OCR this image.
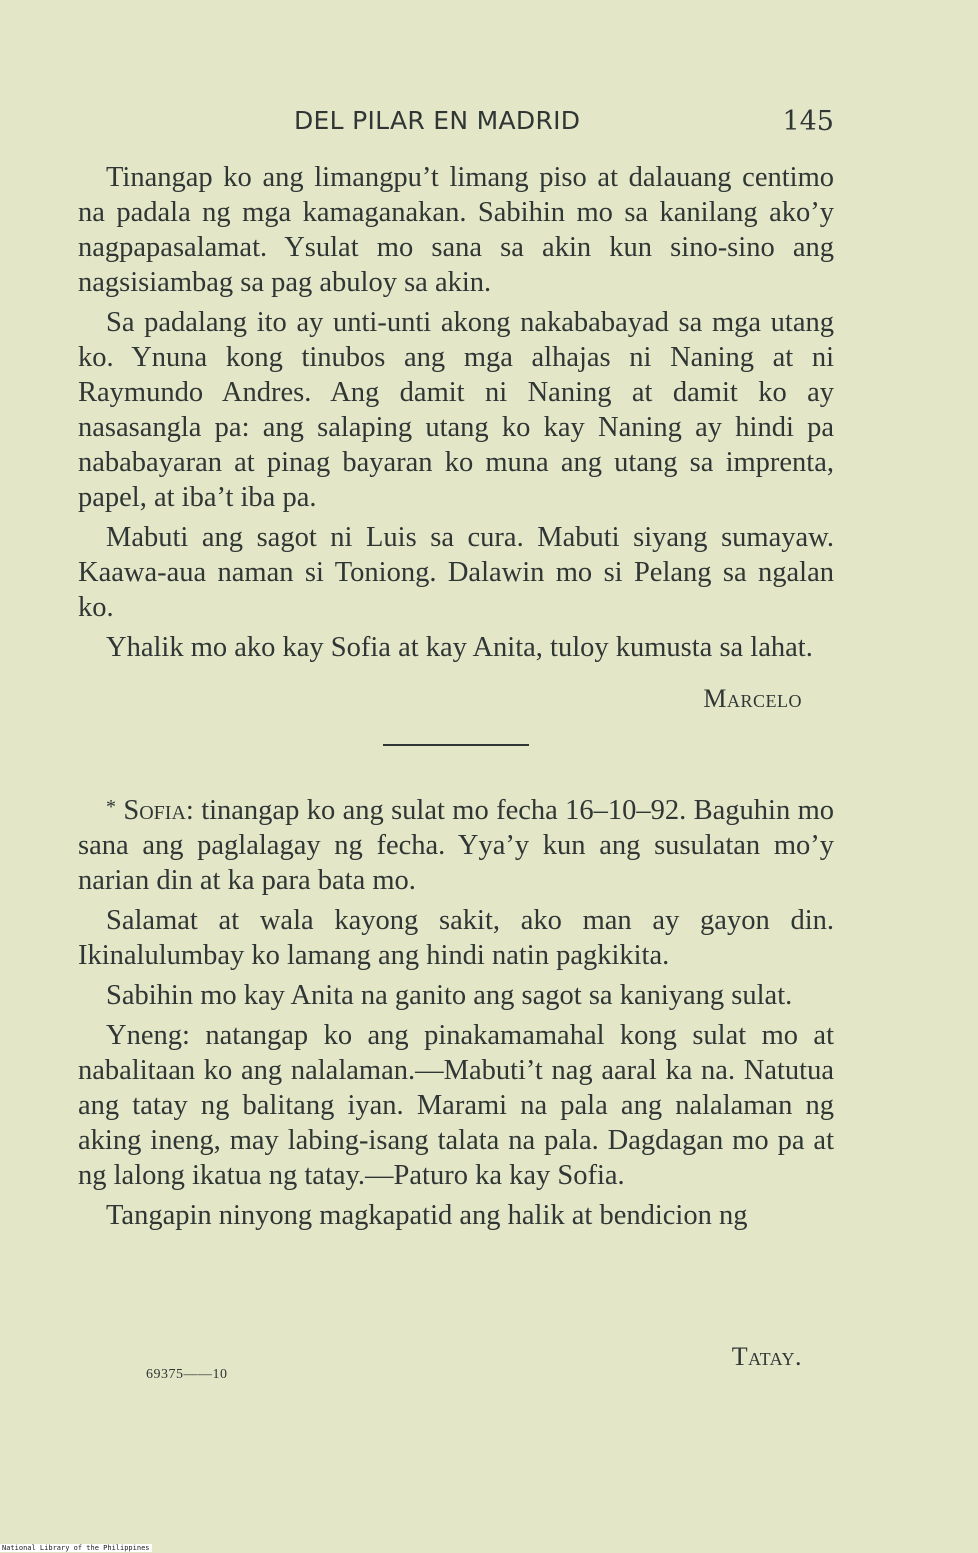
DEL PILAR EN MADRID	145

Tinangap ko ang limangpu’t limang piso at dalauang centimo na padala ng mga kamaganakan. Sabihin mo sa kanilang ako’y nagpapasalamat. Ysulat mo sana sa akin kun sino-sino ang nagsisiambag sa pag abuloy sa akin.

Sa padalang ito ay unti-unti akong nakababayad sa mga utang ko. Ynuna kong tinubos ang mga alhajas ni Naning at ni Raymundo Andres. Ang damit ni Naning at damit ko ay nasasangla pa: ang salaping utang ko kay Naning ay hindi pa nababayaran at pinag bayaran ko muna ang utang sa imprenta, papel, at iba’t iba pa.

Mabuti ang sagot ni Luis sa cura. Mabuti siyang sumayaw. Kaawa-aua naman si Toniong. Dalawin mo si Pelang sa ngalan ko.

Yhalik mo ako kay Sofia at kay Anita, tuloy kumusta sa lahat.

Marcelo

* Sofia: tinangap ko ang sulat mo fecha 16–10–92. Baguhin mo sana ang paglalagay ng fecha. Yya’y kun ang susulatan mo’y narian din at ka para bata mo.

Salamat at wala kayong sakit, ako man ay gayon din. Ikinalulumbay ko lamang ang hindi natin pagkikita.

Sabihin mo kay Anita na ganito ang sagot sa kaniyang sulat.

Yneng: natangap ko ang pinakamamahal kong sulat mo at nabalitaan ko ang nalalaman.—Mabuti’t nag aaral ka na. Natutua ang tatay ng balitang iyan. Marami na pala ang nalalaman ng aking ineng, may labing-isang talata na pala. Dagdagan mo pa at ng lalong ikatua ng tatay.—Paturo ka kay Sofia.

Tangapin ninyong magkapatid ang halik at bendicion ng

Tatay.
69375——10
National Library of the Philippines
